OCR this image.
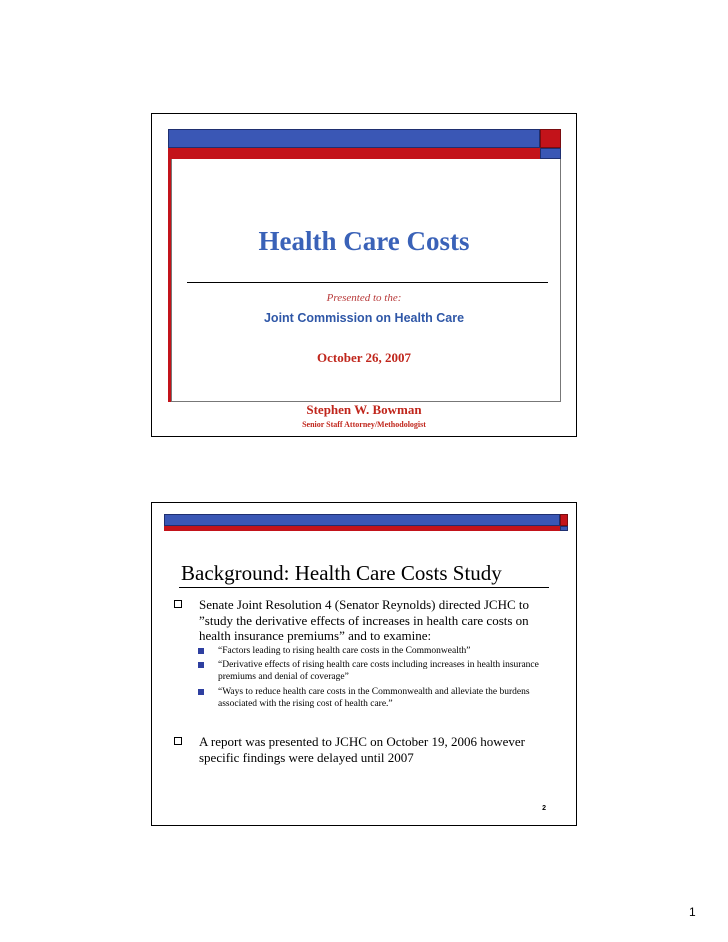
Health Care Costs
Presented to the:
Joint Commission on Health Care
October 26, 2007
Stephen W. Bowman
Senior Staff Attorney/Methodologist
Background: Health Care Costs Study
Senate Joint Resolution 4 (Senator Reynolds) directed JCHC to ”study the derivative effects of increases in health care costs on health insurance premiums” and to examine:
“Factors leading to rising health care costs in the Commonwealth”
“Derivative effects of rising health care costs including increases in health insurance premiums and denial of coverage”
“Ways to reduce health care costs in the Commonwealth and alleviate the burdens associated with the rising cost of health care.”
A report was presented to JCHC on October 19, 2006 however specific findings were delayed until 2007
2
1
